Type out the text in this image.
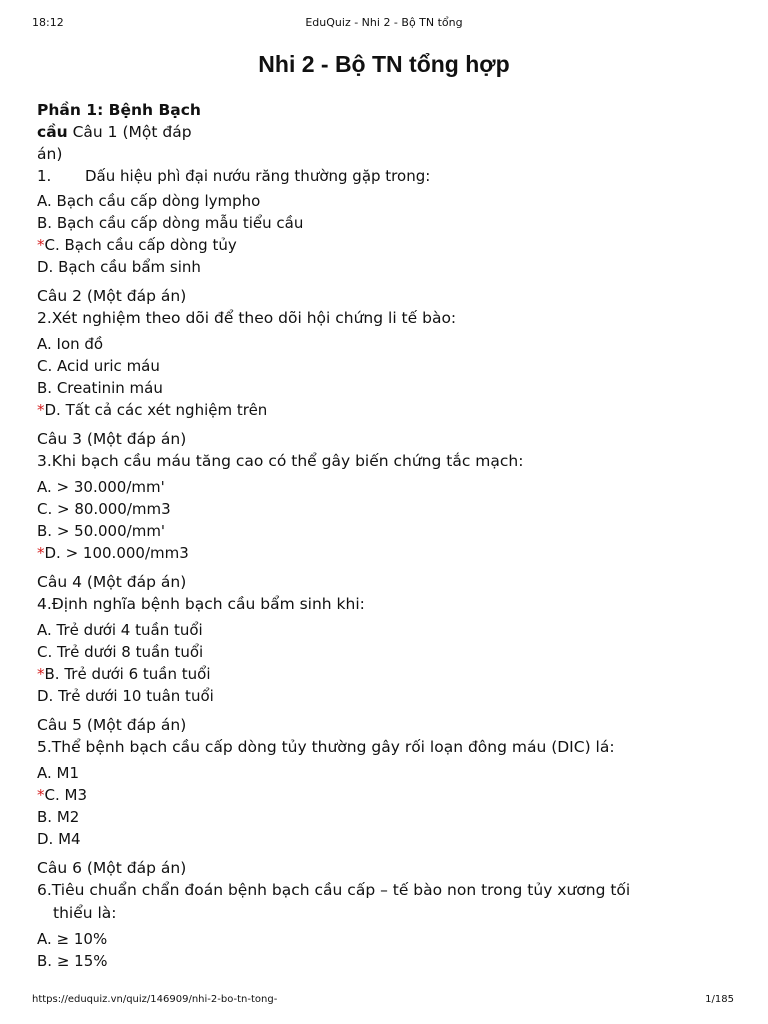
18:12	EduQuiz - Nhi 2 - Bộ TN tổng
Nhi 2 - Bộ TN tổng hợp
Phần 1: Bệnh Bạch
cầu Câu 1 (Một đáp
án)
1.	Dấu hiệu phì đại nướu răng thường gặp trong:
A. Bạch cầu cấp dòng lympho
B. Bạch cầu cấp dòng mẫu tiểu cầu
*C. Bạch cầu cấp dòng tủy
D. Bạch cầu bẩm sinh
Câu 2 (Một đáp án)
2. Xét nghiệm theo dõi để theo dõi hội chứng li tế bào:
A. Ion đồ
C. Acid uric máu
B. Creatinin máu
*D. Tất cả các xét nghiệm trên
Câu 3 (Một đáp án)
3. Khi bạch cầu máu tăng cao có thể gây biến chứng tắc mạch:
A. > 30.000/mm'
C. > 80.000/mm3
B. > 50.000/mm'
*D. > 100.000/mm3
Câu 4 (Một đáp án)
4. Định nghĩa bệnh bạch cầu bẩm sinh khi:
A. Trẻ dưới 4 tuần tuổi
C. Trẻ dưới 8 tuần tuổi
*B. Trẻ dưới 6 tuần tuổi
D. Trẻ dưới 10 tuân tuổi
Câu 5 (Một đáp án)
5. Thể bệnh bạch cầu cấp dòng tủy thường gây rối loạn đông máu (DIC) lá:
A. M1
*C. M3
B. M2
D. M4
Câu 6 (Một đáp án)
6.Tiêu chuẩn chẩn đoán bệnh bạch cầu cấp – tế bào non trong tủy xương tối
thiểu là:
A. ≥ 10%
B. ≥ 15%
https://eduquiz.vn/quiz/146909/nhi-2-bo-tn-tong-	1/185
